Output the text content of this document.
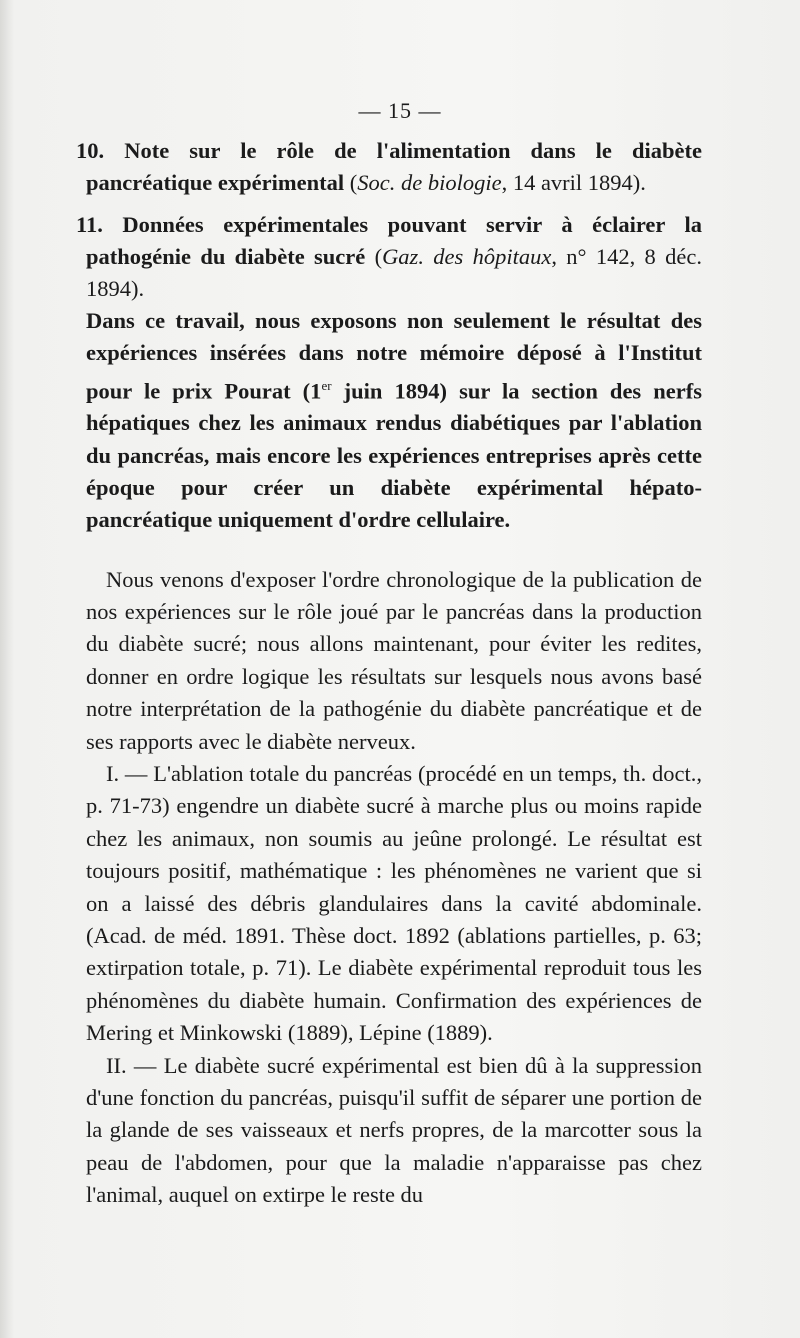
— 15 —
10. Note sur le rôle de l'alimentation dans le diabète pancréatique expérimental (Soc. de biologie, 14 avril 1894).
11. Données expérimentales pouvant servir à éclairer la pathogénie du diabète sucré (Gaz. des hôpitaux, n° 142, 8 déc. 1894).
Dans ce travail, nous exposons non seulement le résultat des expériences insérées dans notre mémoire déposé à l'Institut pour le prix Pourat (1er juin 1894) sur la section des nerfs hépatiques chez les animaux rendus diabétiques par l'ablation du pancréas, mais encore les expériences entreprises après cette époque pour créer un diabète expérimental hépato-pancréatique uniquement d'ordre cellulaire.

Nous venons d'exposer l'ordre chronologique de la publication de nos expériences sur le rôle joué par le pancréas dans la production du diabète sucré; nous allons maintenant, pour éviter les redites, donner en ordre logique les résultats sur lesquels nous avons basé notre interprétation de la pathogénie du diabète pancréatique et de ses rapports avec le diabète nerveux.

I. — L'ablation totale du pancréas (procédé en un temps, th. doct., p. 71-73) engendre un diabète sucré à marche plus ou moins rapide chez les animaux, non soumis au jeûne prolongé. Le résultat est toujours positif, mathématique : les phénomènes ne varient que si on a laissé des débris glandulaires dans la cavité abdominale. (Acad. de méd. 1891. Thèse doct. 1892 (ablations partielles, p. 63; extirpation totale, p. 71). Le diabète expérimental reproduit tous les phénomènes du diabète humain. Confirmation des expériences de Mering et Minkowski (1889), Lépine (1889).

II. — Le diabète sucré expérimental est bien dû à la suppression d'une fonction du pancréas, puisqu'il suffit de séparer une portion de la glande de ses vaisseaux et nerfs propres, de la marcotter sous la peau de l'abdomen, pour que la maladie n'apparaisse pas chez l'animal, auquel on extirpe le reste du
